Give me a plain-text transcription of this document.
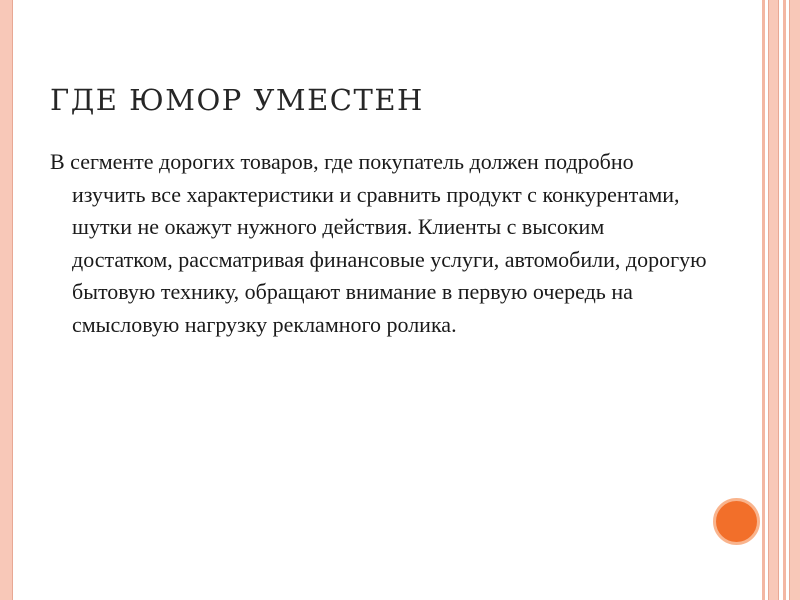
ГДЕ ЮМОР УМЕСТЕН
В сегменте дорогих товаров, где покупатель должен подробно изучить все характеристики и сравнить продукт с конкурентами, шутки не окажут нужного действия. Клиенты с высоким достатком, рассматривая финансовые услуги, автомобили, дорогую бытовую технику, обращают внимание в первую очередь на смысловую нагрузку рекламного ролика.
